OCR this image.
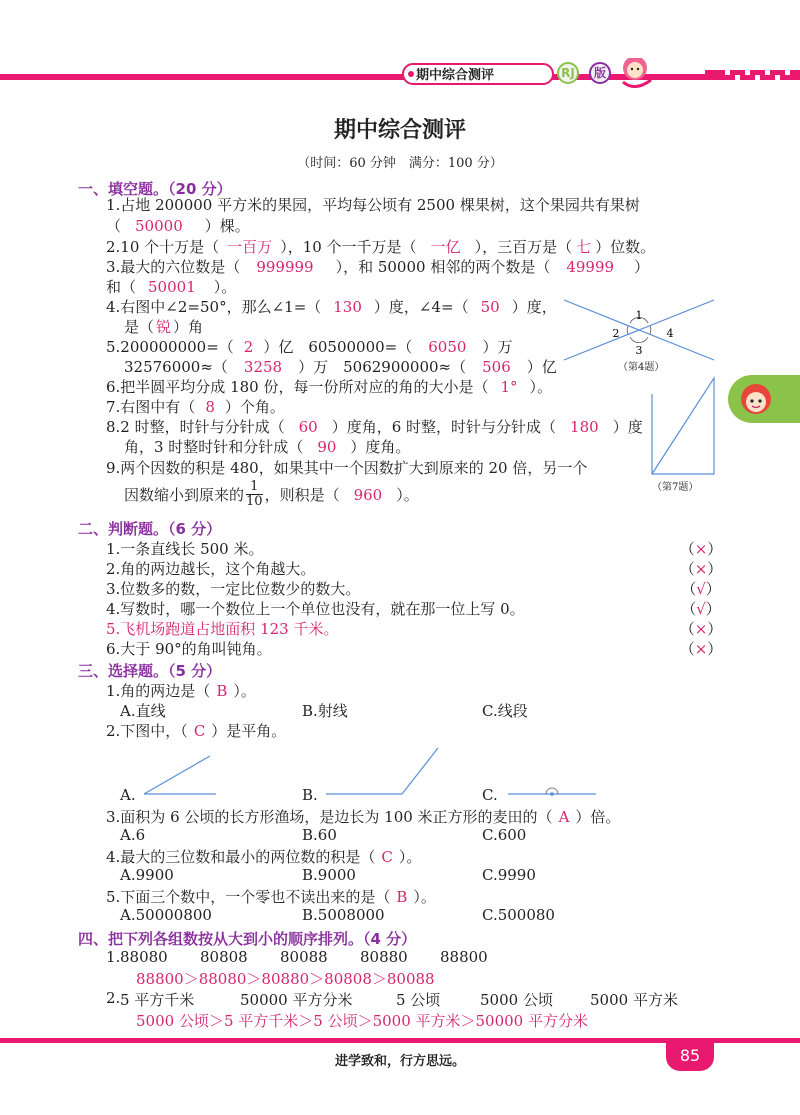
期中综合测评	RJ	版
期中综合测评
（时间：60 分钟　满分：100 分）
一、填空题。（20 分）
1.占地 200000 平方米的果园，平均每公顷有 2500 棵果树，这个果园共有果树
（ 50000 ）棵。
2.10 个十万是（ 一百万 ），10 个一千万是（ 一亿 ），三百万是（ 七 ）位数。
3.最大的六位数是（ 999999 ），和 50000 相邻的两个数是（ 49999 ）
和（ 50001 ）。
4.右图中∠2=50°，那么∠1=（ 130 ）度，∠4=（ 50 ）度，
是（ 锐 ）角
5.200000000=（ 2 ）亿　60500000=（ 6050 ）万
32576000≈（ 3258 ）万　5062900000≈（ 506 ）亿
6.把半圆平均分成 180 份，每一份所对应的角的大小是（ 1° ）。
7.右图中有（ 8 ）个角。
8.2 时整，时针与分针成（ 60 ）度角，6 时整，时针与分针成（ 180 ）度
角，3 时整时针和分针成（ 90 ）度角。
9.两个因数的积是 480，如果其中一个因数扩大到原来的 20 倍，另一个
因数缩小到原来的 $\frac{1}{10}$ ，则积是（ 960 ）。
1
2
3
4
（第4题）
（第7题）
二、判断题。（6 分）
1.一条直线长 500 米。	（×）
2.角的两边越长，这个角越大。	（×）
3.位数多的数，一定比位数少的数大。	（√）
4.写数时，哪一个数位上一个单位也没有，就在那一位上写 0。	（√）
5.飞机场跑道占地面积 123 千米。	（×）
6.大于 90°的角叫钝角。	（×）
三、选择题。（5 分）
1.角的两边是（ B ）。
A.直线	B.射线	C.线段
2.下图中，（ C ）是平角。
A.	B.	C.
3.面积为 6 公顷的长方形渔场，是边长为 100 米正方形的麦田的（ A ）倍。
A.6	B.60	C.600
4.最大的三位数和最小的两位数的积是（ C ）。
A.9900	B.9000	C.9990
5.下面三个数中，一个零也不读出来的是（ B ）。
A.50000800	B.5008000	C.500080
四、把下列各组数按从大到小的顺序排列。（4 分）
1. 88080 80808 80088 80880 88800
88800＞88080＞80880＞80808＞80088
2. 5 平方千米	50000 平方分米	5 公顷	5000 公顷 5000 平方米
5000 公顷＞5 平方千米＞5 公顷＞5000 平方米＞50000 平方分米
进学致和，行方思远。	85
